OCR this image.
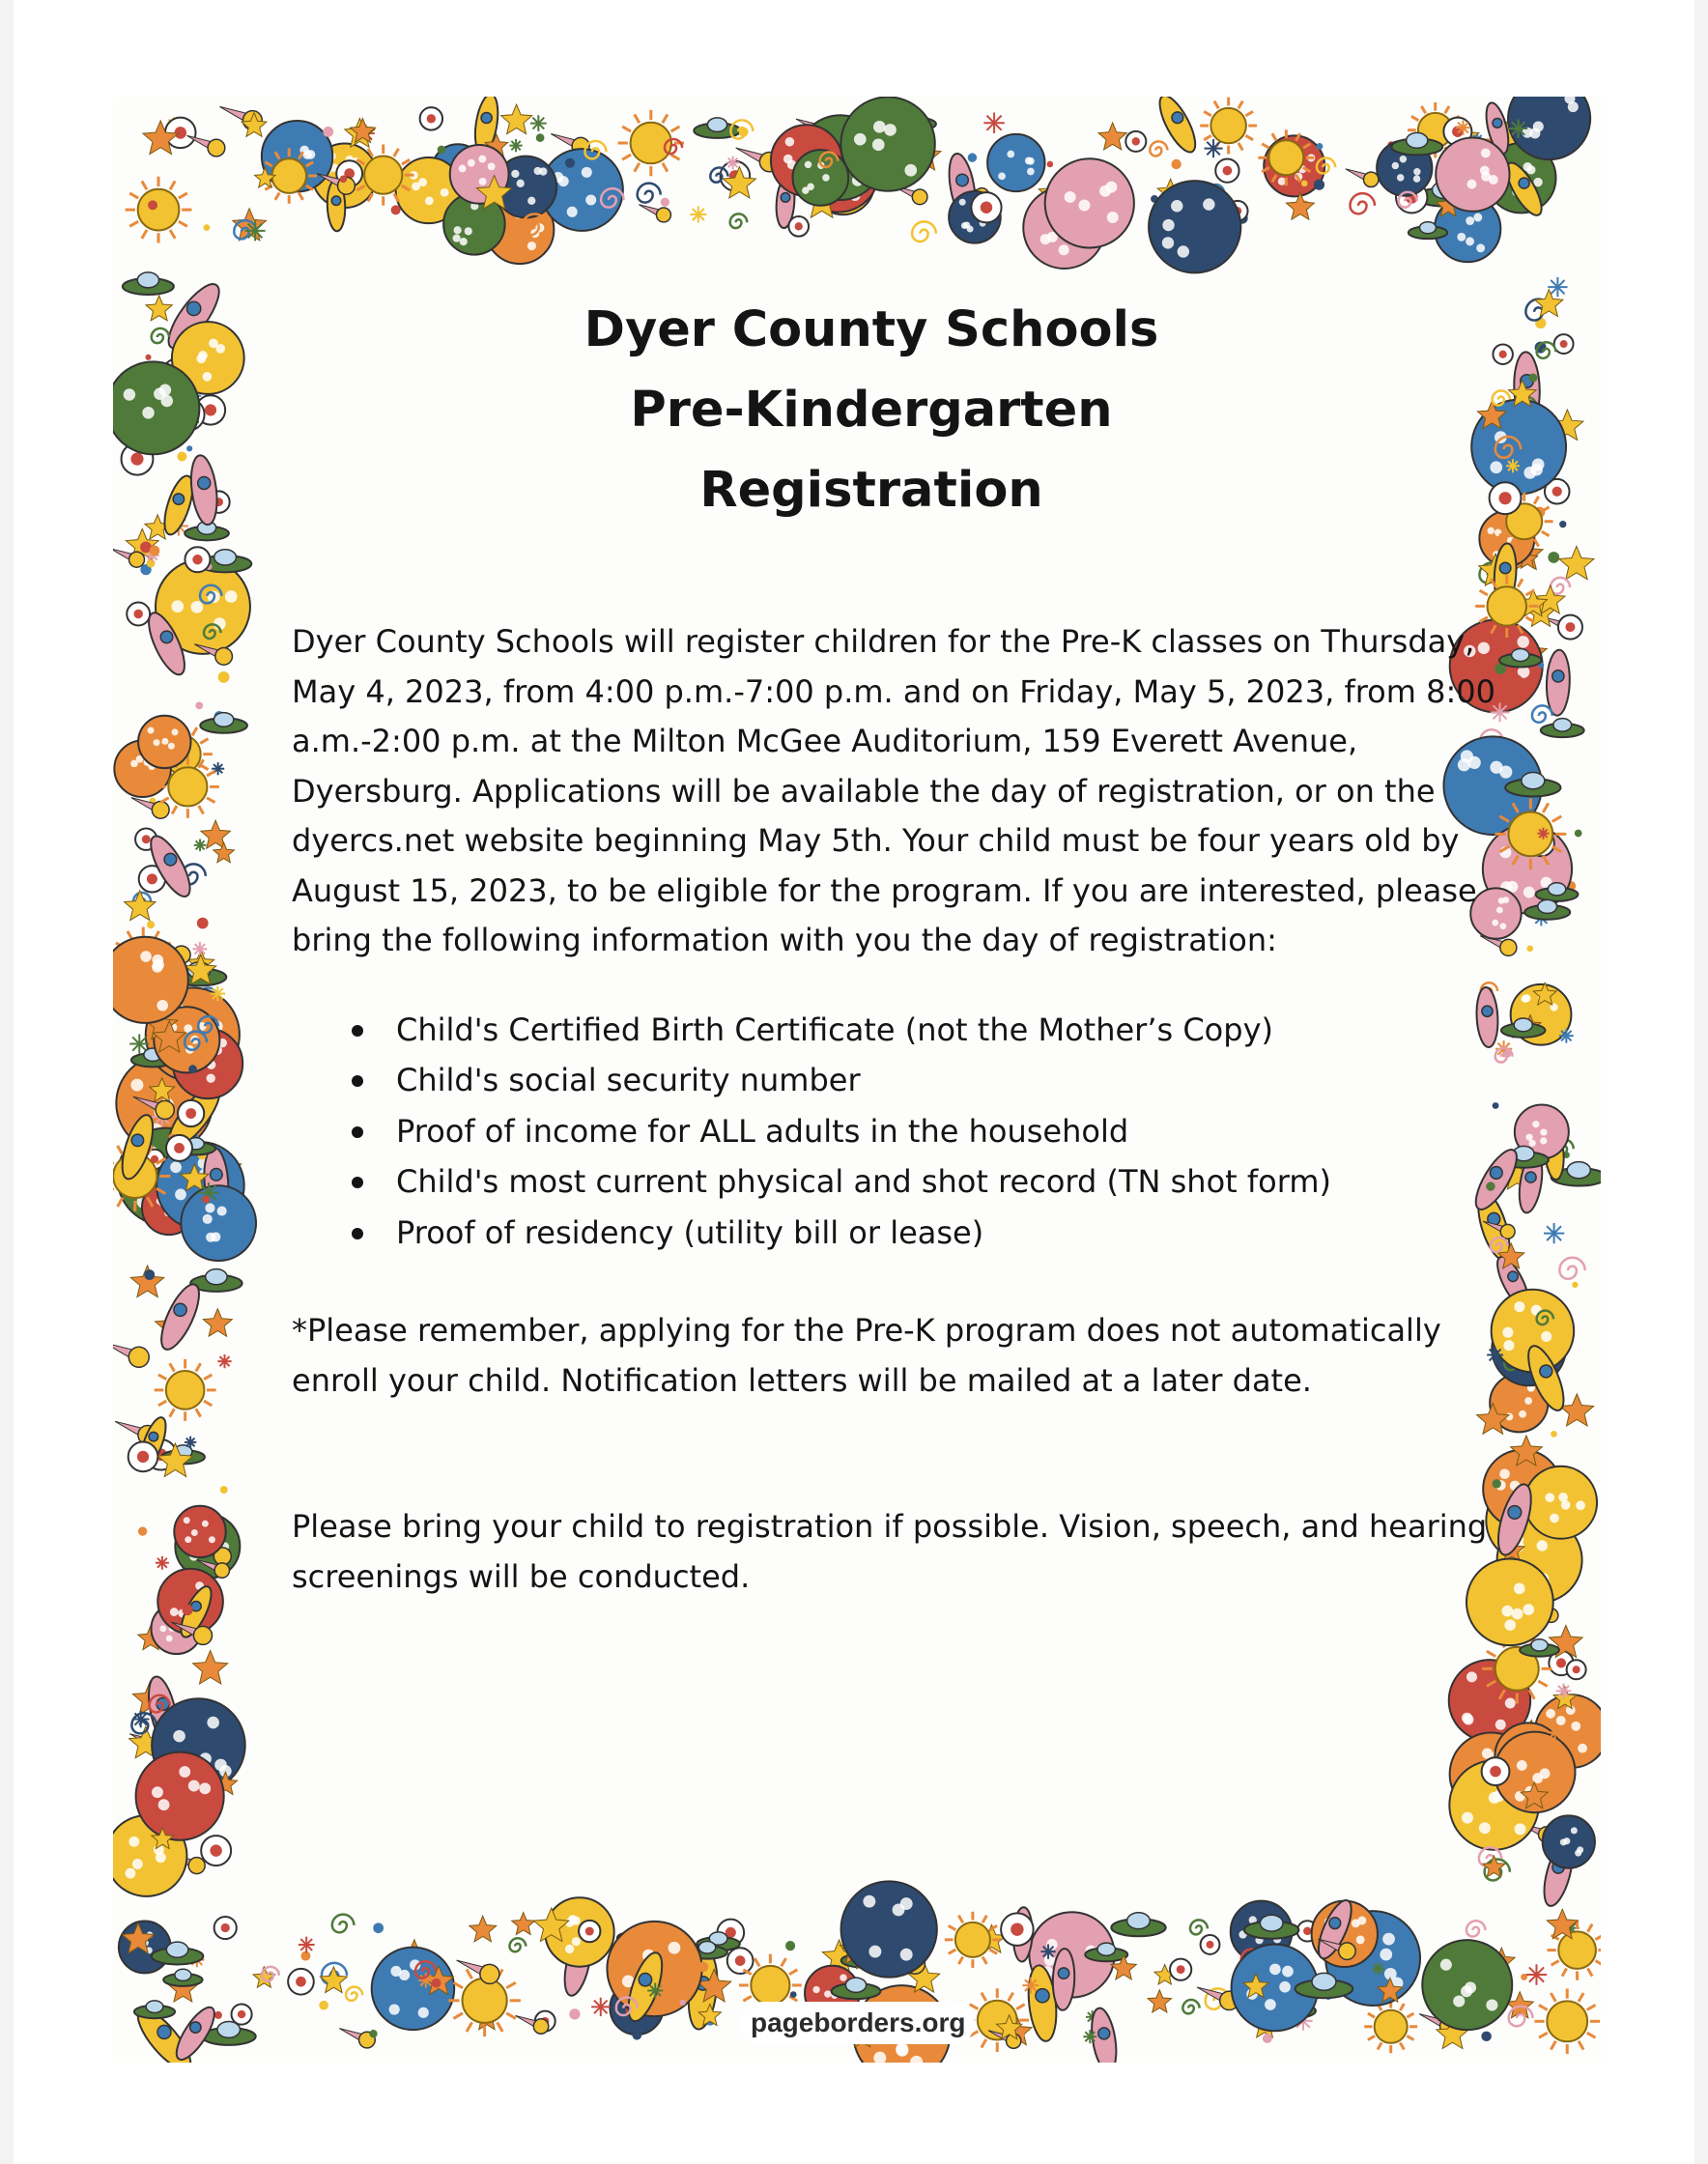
Dyer County Schools
Pre-Kindergarten
Registration

Dyer County Schools will register children for the Pre-K classes on Thursday, May 4, 2023, from 4:00 p.m.-7:00 p.m. and on Friday, May 5, 2023, from 8:00 a.m.-2:00 p.m. at the Milton McGee Auditorium, 159 Everett Avenue, Dyersburg. Applications will be available the day of registration, or on the dyercs.net website beginning May 5th. Your child must be four years old by August 15, 2023, to be eligible for the program. If you are interested, please bring the following information with you the day of registration:

Child's Certified Birth Certificate (not the Mother’s Copy)
Child's social security number
Proof of income for ALL adults in the household
Child's most current physical and shot record (TN shot form)
Proof of residency (utility bill or lease)

*Please remember, applying for the Pre-K program does not automatically enroll your child. Notification letters will be mailed at a later date.

Please bring your child to registration if possible. Vision, speech, and hearing screenings will be conducted.

pageborders.org
